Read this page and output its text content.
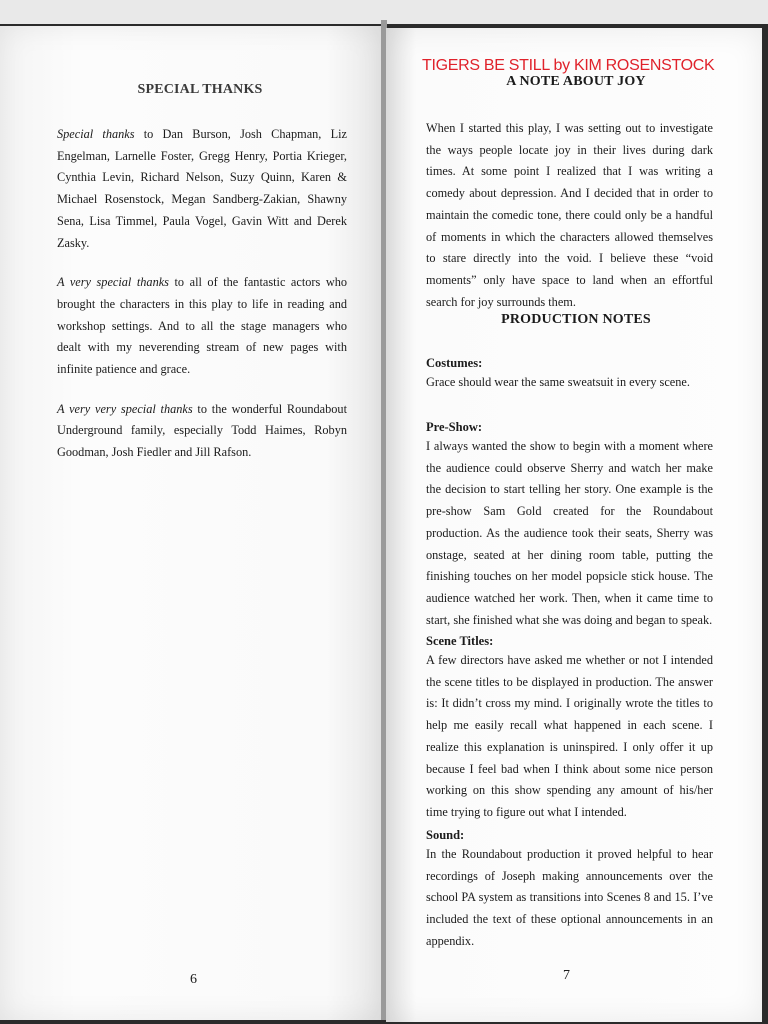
SPECIAL THANKS

Special thanks to Dan Burson, Josh Chapman, Liz Engelman, Larnelle Foster, Gregg Henry, Portia Krieger, Cynthia Levin, Richard Nelson, Suzy Quinn, Karen & Michael Rosenstock, Megan Sandberg-Zakian, Shawny Sena, Lisa Timmel, Paula Vogel, Gavin Witt and Derek Zasky.

A very special thanks to all of the fantastic actors who brought the characters in this play to life in reading and workshop settings. And to all the stage managers who dealt with my neverending stream of new pages with infinite patience and grace.

A very very special thanks to the wonderful Roundabout Underground family, especially Todd Haimes, Robyn Goodman, Josh Fiedler and Jill Rafson.

6
TIGERS BE STILL by KIM ROSENSTOCK
A NOTE ABOUT JOY

When I started this play, I was setting out to investigate the ways people locate joy in their lives during dark times. At some point I realized that I was writing a comedy about depression. And I decided that in order to maintain the comedic tone, there could only be a handful of moments in which the characters allowed themselves to stare directly into the void. I believe these “void moments” only have space to land when an effortful search for joy surrounds them.

PRODUCTION NOTES
Costumes:

Grace should wear the same sweatsuit in every scene.

Pre-Show:

I always wanted the show to begin with a moment where the audience could observe Sherry and watch her make the decision to start telling her story. One example is the pre-show Sam Gold created for the Roundabout production. As the audience took their seats, Sherry was onstage, seated at her dining room table, putting the finishing touches on her model popsicle stick house. The audience watched her work. Then, when it came time to start, she finished what she was doing and began to speak.

Scene Titles:

A few directors have asked me whether or not I intended the scene titles to be displayed in production. The answer is: It didn’t cross my mind. I originally wrote the titles to help me easily recall what happened in each scene. I realize this explanation is uninspired. I only offer it up because I feel bad when I think about some nice person working on this show spending any amount of his/her time trying to figure out what I intended.

Sound:

In the Roundabout production it proved helpful to hear recordings of Joseph making announcements over the school PA system as transitions into Scenes 8 and 15. I’ve included the text of these optional announcements in an appendix.

7
